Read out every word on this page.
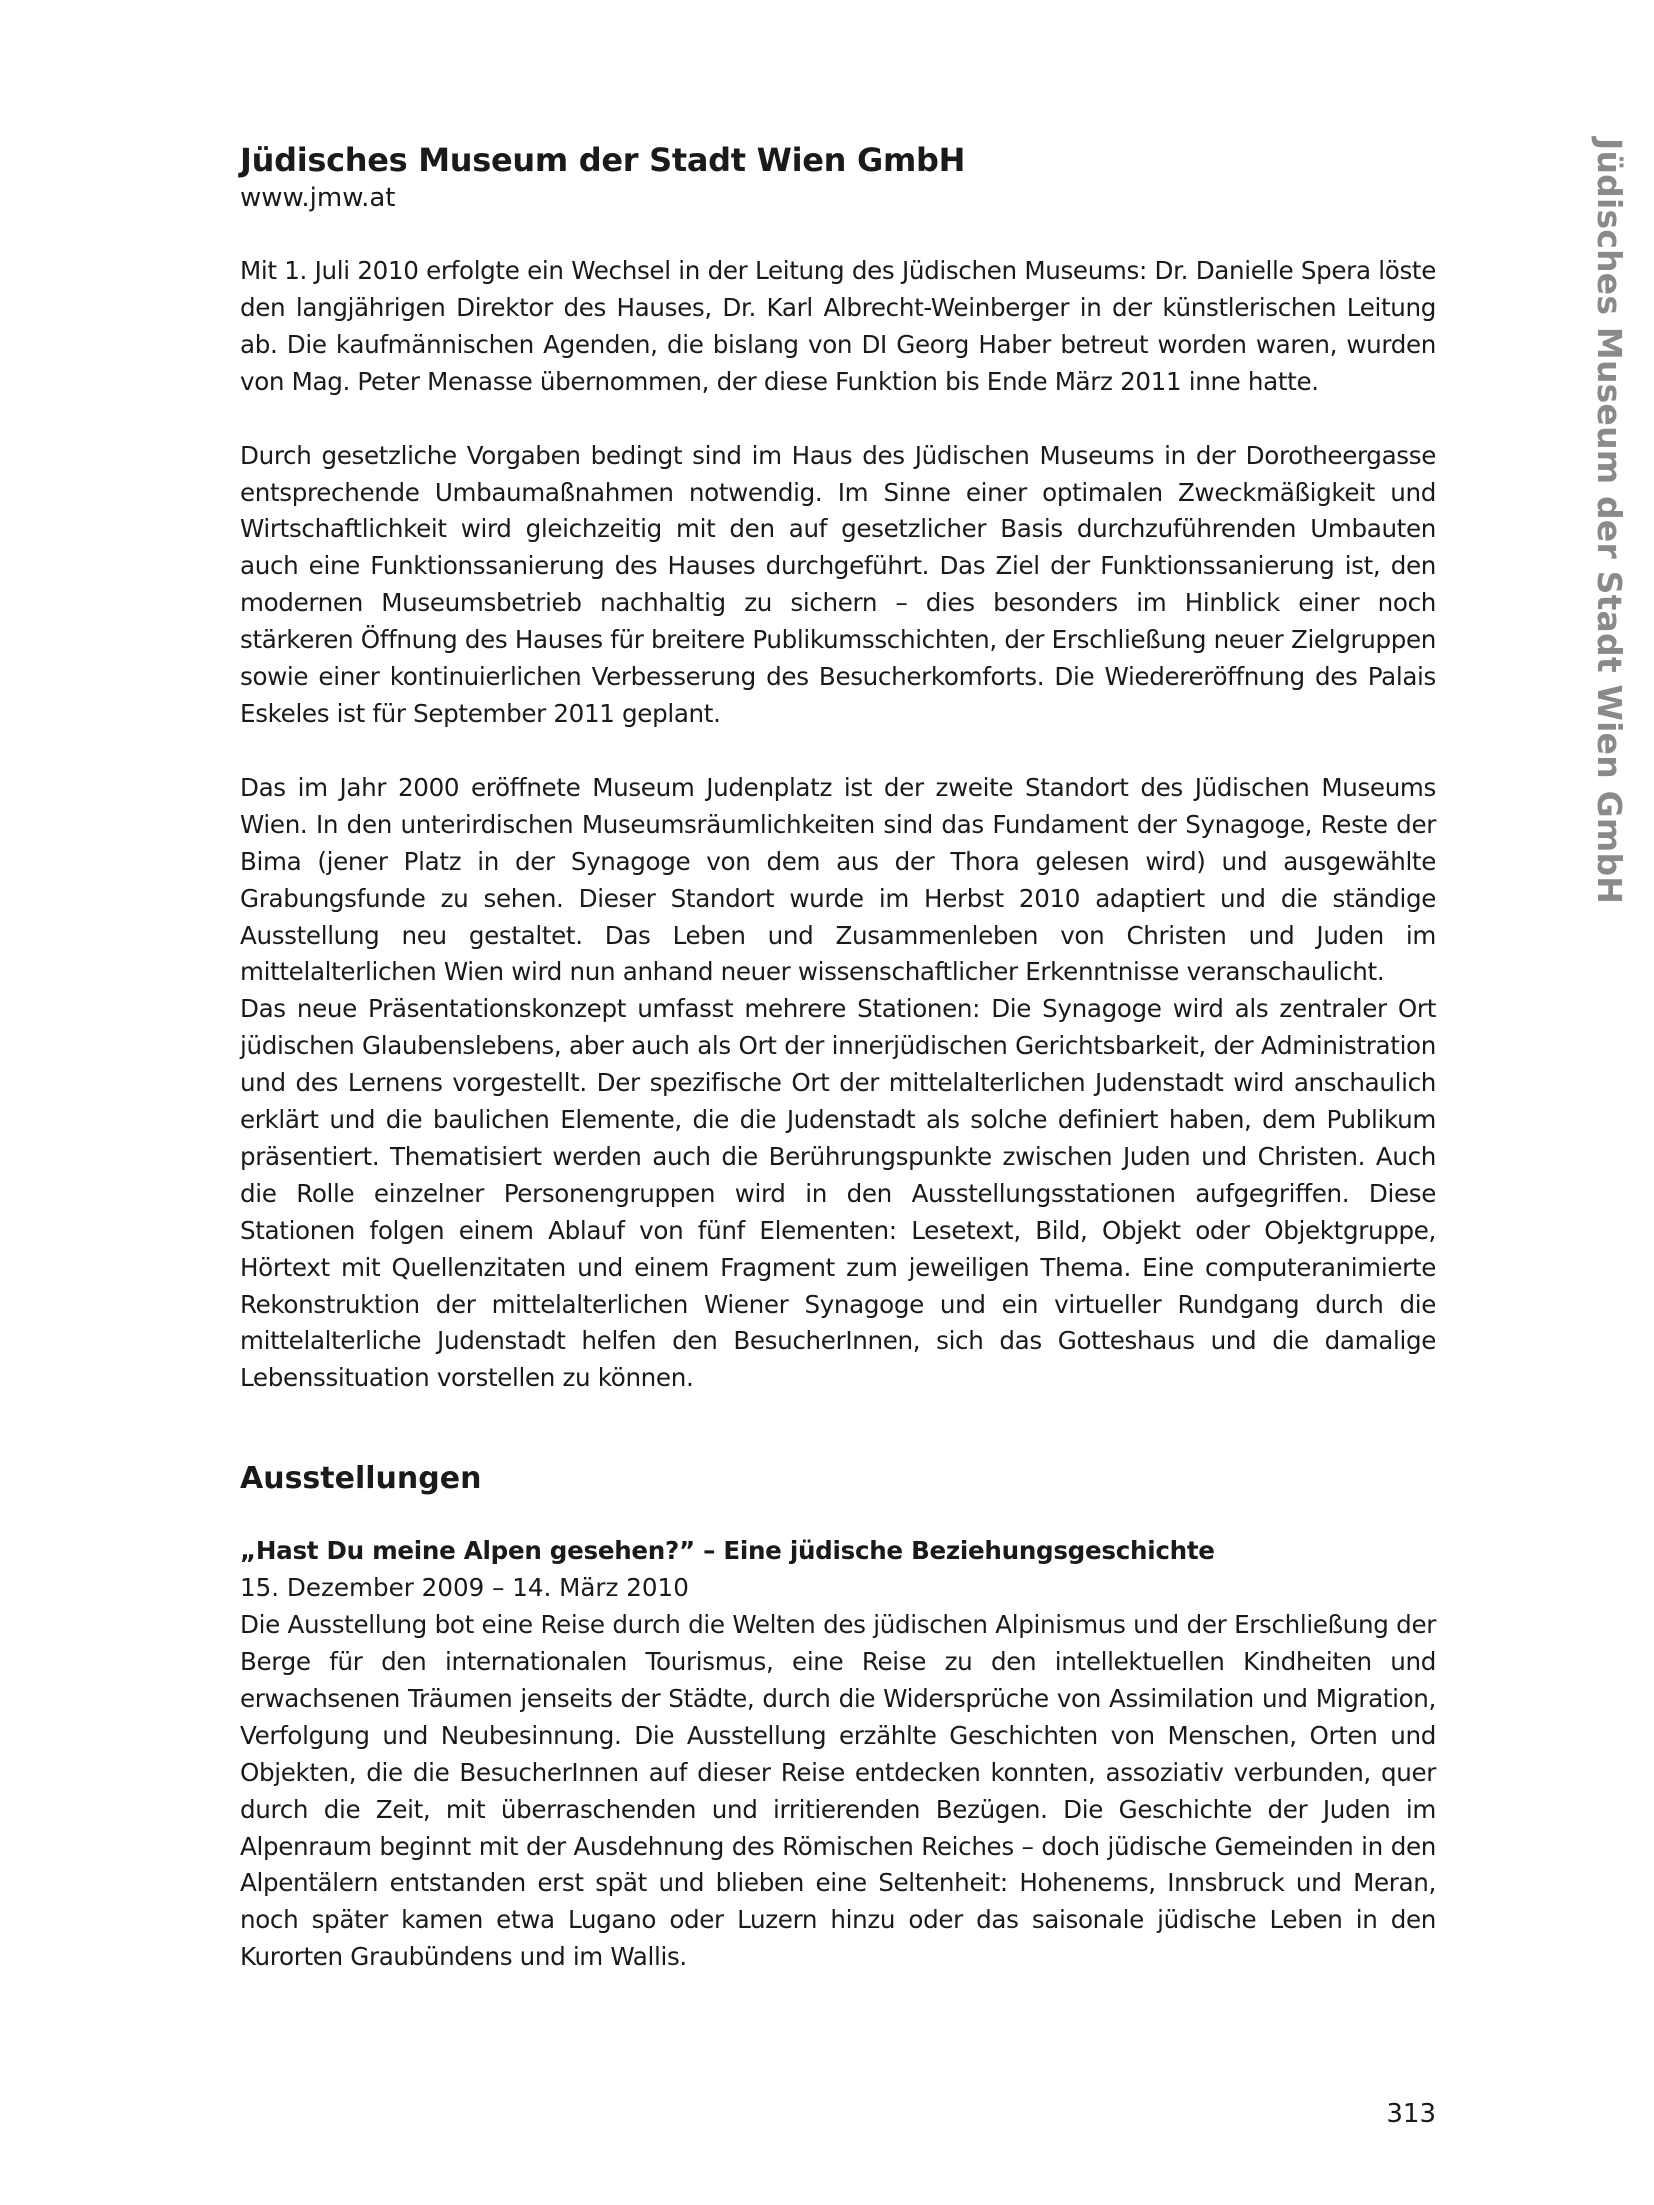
Jüdisches Museum der Stadt Wien GmbH
Jüdisches Museum der Stadt Wien GmbH

www.jmw.at

Mit 1. Juli 2010 erfolgte ein Wechsel in der Leitung des Jüdischen Museums: Dr. Danielle Spera löste den langjährigen Direktor des Hauses, Dr. Karl Albrecht-Weinberger in der künstlerischen Leitung ab. Die kaufmännischen Agenden, die bislang von DI Georg Haber betreut worden waren, wurden von Mag. Peter Menasse übernommen, der diese Funktion bis Ende März 2011 inne hatte.

Durch gesetzliche Vorgaben bedingt sind im Haus des Jüdischen Museums in der Dorotheergasse entsprechende Umbaumaßnahmen notwendig. Im Sinne einer optimalen Zweckmäßigkeit und Wirtschaftlichkeit wird gleichzeitig mit den auf gesetzlicher Basis durchzuführenden Umbauten auch eine Funktionssanierung des Hauses durchgeführt. Das Ziel der Funktionssanierung ist, den modernen Museumsbetrieb nachhaltig zu sichern – dies besonders im Hinblick einer noch stärkeren Öffnung des Hauses für breitere Publikumsschichten, der Erschließung neuer Zielgruppen sowie einer kontinuierlichen Verbesserung des Besucherkomforts. Die Wiedereröffnung des Palais Eskeles ist für September 2011 geplant.

Das im Jahr 2000 eröffnete Museum Judenplatz ist der zweite Standort des Jüdischen Museums Wien. In den unterirdischen Museumsräumlichkeiten sind das Fundament der Synagoge, Reste der Bima (jener Platz in der Synagoge von dem aus der Thora gelesen wird) und ausgewählte Grabungsfunde zu sehen. Dieser Standort wurde im Herbst 2010 adaptiert und die ständige Ausstellung neu gestaltet. Das Leben und Zusammenleben von Christen und Juden im mittelalterlichen Wien wird nun anhand neuer wissenschaftlicher Erkenntnisse veranschaulicht.

Das neue Präsentationskonzept umfasst mehrere Stationen: Die Synagoge wird als zentraler Ort jüdischen Glaubenslebens, aber auch als Ort der innerjüdischen Gerichtsbarkeit, der Administration und des Lernens vorgestellt. Der spezifische Ort der mittelalterlichen Judenstadt wird anschaulich erklärt und die baulichen Elemente, die die Judenstadt als solche definiert haben, dem Publikum präsentiert. Thematisiert werden auch die Berührungspunkte zwischen Juden und Christen. Auch die Rolle einzelner Personengruppen wird in den Ausstellungsstationen aufgegriffen. Diese Stationen folgen einem Ablauf von fünf Elementen: Lesetext, Bild, Objekt oder Objektgruppe, Hörtext mit Quellenzitaten und einem Fragment zum jeweiligen Thema. Eine computeranimierte Rekonstruktion der mittelalterlichen Wiener Synagoge und ein virtueller Rundgang durch die mittelalterliche Judenstadt helfen den BesucherInnen, sich das Gotteshaus und die damalige Lebenssituation vorstellen zu können.

Ausstellungen

„Hast Du meine Alpen gesehen?” – Eine jüdische Beziehungsgeschichte

15. Dezember 2009 – 14. März 2010

Die Ausstellung bot eine Reise durch die Welten des jüdischen Alpinismus und der Erschließung der Berge für den internationalen Tourismus, eine Reise zu den intellektuellen Kindheiten und erwachsenen Träumen jenseits der Städte, durch die Widersprüche von Assimilation und Migration, Verfolgung und Neubesinnung. Die Ausstellung erzählte Geschichten von Menschen, Orten und Objekten, die die BesucherInnen auf dieser Reise entdecken konnten, assoziativ verbunden, quer durch die Zeit, mit überraschenden und irritierenden Bezügen. Die Geschichte der Juden im Alpenraum beginnt mit der Ausdehnung des Römischen Reiches – doch jüdische Gemeinden in den Alpentälern entstanden erst spät und blieben eine Seltenheit: Hohenems, Innsbruck und Meran, noch später kamen etwa Lugano oder Luzern hinzu oder das saisonale jüdische Leben in den Kurorten Graubündens und im Wallis.

313
